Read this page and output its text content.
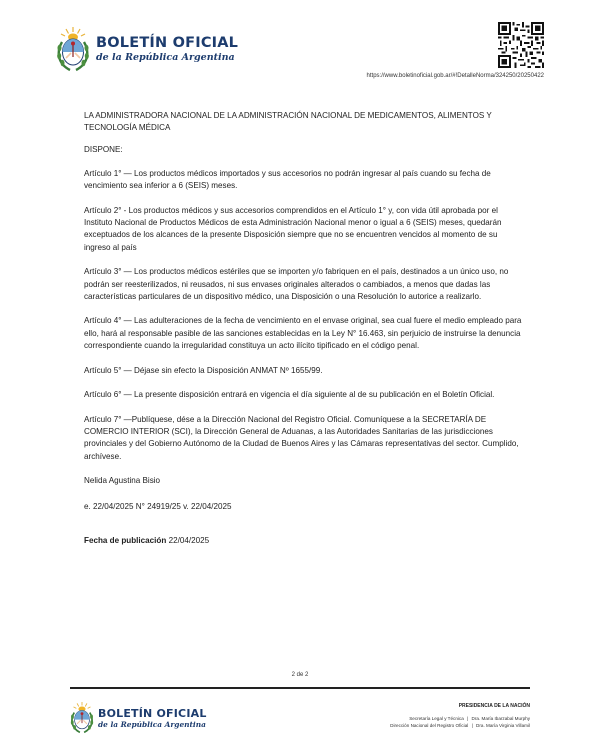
BOLETÍN OFICIAL
de la República Argentina
https://www.boletinoficial.gob.ar/#!DetalleNorma/324250/20250422

LA ADMINISTRADORA NACIONAL DE LA ADMINISTRACIÓN NACIONAL DE MEDICAMENTOS, ALIMENTOS Y TECNOLOGÍA MÉDICA

DISPONE:

Artículo 1° — Los productos médicos importados y sus accesorios no podrán ingresar al país cuando su fecha de vencimiento sea inferior a 6 (SEIS) meses.

Artículo 2° - Los productos médicos y sus accesorios comprendidos en el Artículo 1° y, con vida útil aprobada por el Instituto Nacional de Productos Médicos de esta Administración Nacional menor o igual a 6 (SEIS) meses, quedarán exceptuados de los alcances de la presente Disposición siempre que no se encuentren vencidos al momento de su ingreso al país

Artículo 3° — Los productos médicos estériles que se importen y/o fabriquen en el país, destinados a un único uso, no podrán ser reesterilizados, ni reusados, ni sus envases originales alterados o cambiados, a menos que dadas las características particulares de un dispositivo médico, una Disposición o una Resolución lo autorice a realizarlo.

Artículo 4° — Las adulteraciones de la fecha de vencimiento en el envase original, sea cual fuere el medio empleado para ello, hará al responsable pasible de las sanciones establecidas en la Ley N° 16.463, sin perjuicio de instruirse la denuncia correspondiente cuando la irregularidad constituya un acto ilícito tipificado en el código penal.

Artículo 5° — Déjase sin efecto la Disposición ANMAT Nº 1655/99.

Artículo 6° — La presente disposición entrará en vigencia el día siguiente al de su publicación en el Boletín Oficial.

Artículo 7° —Publíquese, dése a la Dirección Nacional del Registro Oficial. Comuníquese a la SECRETARÍA DE COMERCIO INTERIOR (SCI), la Dirección General de Aduanas, a las Autoridades Sanitarias de las jurisdicciones provinciales y del Gobierno Autónomo de la Ciudad de Buenos Aires y las Cámaras representativas del sector. Cumplido, archívese.

Nelida Agustina Bisio

e. 22/04/2025 N° 24919/25 v. 22/04/2025

Fecha de publicación 22/04/2025

2 de 2
BOLETÍN OFICIAL
de la República Argentina
PRESIDENCIA DE LA NACIÓN
Secretaría Legal y Técnica | Dra. María Ibarzabal Murphy
Dirección Nacional del Registro Oficial | Dra. María Virginia Villamil
